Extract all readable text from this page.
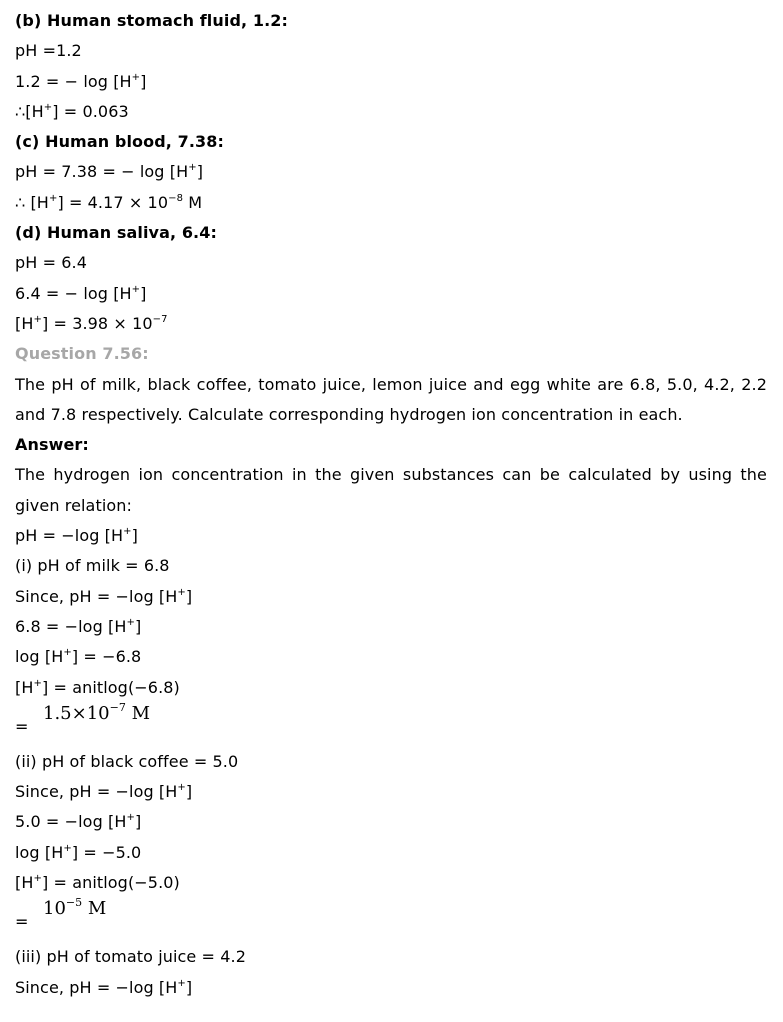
(b) Human stomach fluid, 1.2:
pH =1.2
1.2 = − log [H+]
∴[H+] = 0.063
(c) Human blood, 7.38:
pH = 7.38 = − log [H+]
∴ $[H^+] = 4.17 \times 10^{-8}$ M
(d) Human saliva, 6.4:
pH = 6.4
6.4 = − log [H+]
$[H^+] = 3.98 \times 10^{-7}$
Question 7.56:
The pH of milk, black coffee, tomato juice, lemon juice and egg white are 6.8, 5.0, 4.2, 2.2 and 7.8 respectively. Calculate corresponding hydrogen ion concentration in each.
Answer:
The hydrogen ion concentration in the given substances can be calculated by using the given relation:
pH = −log [H+]
(i) pH of milk = 6.8
Since, pH = −log [H+]
6.8 = −log [H+]
log [H+] = −6.8
[H+] = anitlog(−6.8)
=
$1.5\times 10^{-7}$ M
(ii) pH of black coffee = 5.0
Since, pH = −log [H+]
5.0 = −log [H+]
log [H+] = −5.0
[H+] = anitlog(−5.0)
=
$10^{-5}$ M
(iii) pH of tomato juice = 4.2
Since, pH = −log [H+]
